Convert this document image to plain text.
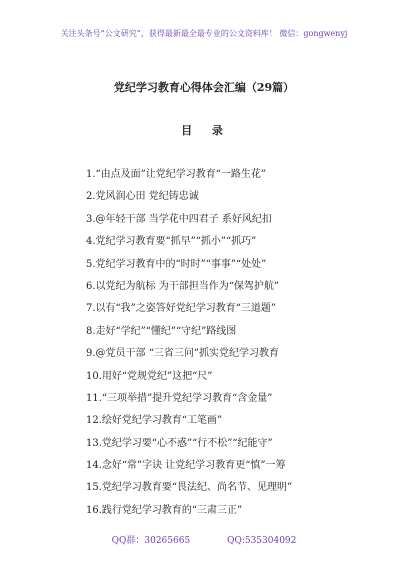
关注头条号“公文研究”，获得最新最全最专业的公文资料库！ 微信：gongwenyj
党纪学习教育心得体会汇编（29篇）
目 录
1.“由点及面”让党纪学习教育“一路生花”
2.党风润心田 党纪铸忠诚
3.@年轻干部 当学花中四君子 系好风纪扣
4.党纪学习教育要“抓早”“抓小”“抓巧”
5.党纪学习教育中的“时时”“事事”“处处”
6.以党纪为航标 为干部担当作为“保驾护航”
7.以有“我”之姿答好党纪学习教育“三道题”
8.走好“学纪”“懂纪”“守纪”路线图
9.@党员干部 “三省三问”抓实党纪学习教育
10.用好“党规党纪”这把“尺”
11.“三项举措”提升党纪学习教育“含金量”
12.绘好党纪学习教育“工笔画”
13.党纪学习要“心不惑”“行不松”“纪能守”
14.念好“常”字诀 让党纪学习教育更“慎”一筹
15.党纪学习教育要“畏法纪、尚名节、见理明”
16.践行党纪学习教育的“三肃三正”
QQ群：30265665	QQ:535304092
